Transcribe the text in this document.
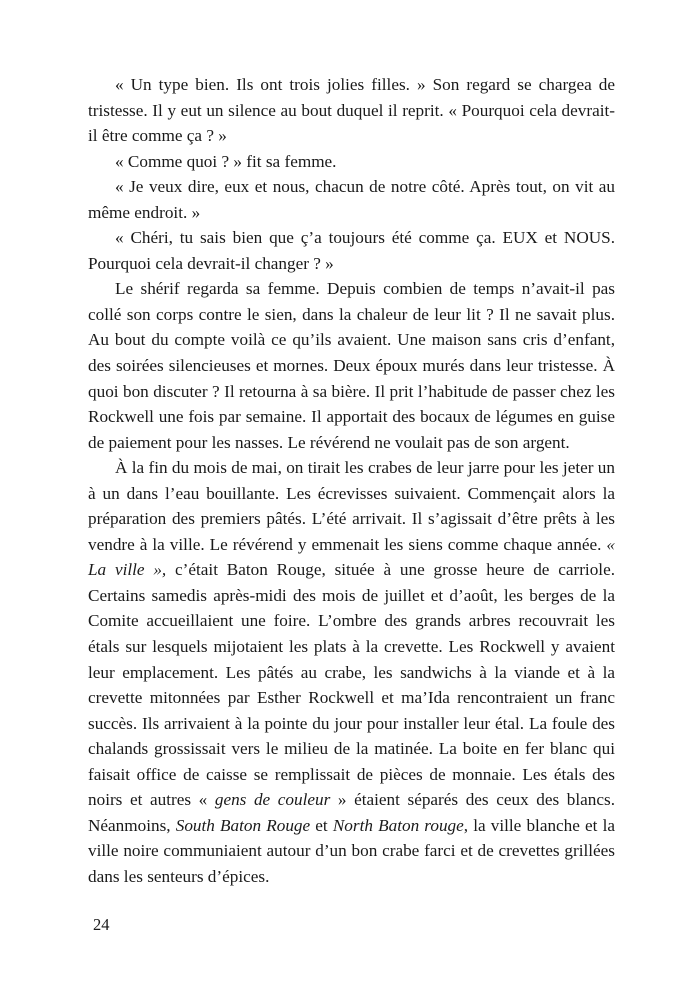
« Un type bien. Ils ont trois jolies filles. » Son regard se chargea de tristesse. Il y eut un silence au bout duquel il reprit. « Pourquoi cela devrait-il être comme ça ? »

« Comme quoi ? » fit sa femme.

« Je veux dire, eux et nous, chacun de notre côté. Après tout, on vit au même endroit. »

« Chéri, tu sais bien que ç’a toujours été comme ça. EUX et NOUS. Pourquoi cela devrait-il changer ? »

Le shérif regarda sa femme. Depuis combien de temps n’avait-il pas collé son corps contre le sien, dans la chaleur de leur lit ? Il ne savait plus. Au bout du compte voilà ce qu’ils avaient. Une maison sans cris d’enfant, des soirées silencieuses et mornes. Deux époux murés dans leur tristesse. À quoi bon discuter ? Il retourna à sa bière. Il prit l’habitude de passer chez les Rockwell une fois par semaine. Il apportait des bocaux de légumes en guise de paiement pour les nasses. Le révérend ne voulait pas de son argent.

À la fin du mois de mai, on tirait les crabes de leur jarre pour les jeter un à un dans l’eau bouillante. Les écrevisses suivaient. Commençait alors la préparation des premiers pâtés. L’été arrivait. Il s’agissait d’être prêts à les vendre à la ville. Le révérend y emmenait les siens comme chaque année. « La ville », c’était Baton Rouge, située à une grosse heure de carriole. Certains samedis après-midi des mois de juillet et d’août, les berges de la Comite accueillaient une foire. L’ombre des grands arbres recouvrait les étals sur lesquels mijotaient les plats à la crevette. Les Rockwell y avaient leur emplacement. Les pâtés au crabe, les sandwichs à la viande et à la crevette mitonnées par Esther Rockwell et ma’Ida rencontraient un franc succès. Ils arrivaient à la pointe du jour pour installer leur étal. La foule des chalands grossissait vers le milieu de la matinée. La boite en fer blanc qui faisait office de caisse se remplissait de pièces de monnaie. Les étals des noirs et autres « gens de couleur » étaient séparés des ceux des blancs. Néanmoins, South Baton Rouge et North Baton rouge, la ville blanche et la ville noire communiaient autour d’un bon crabe farci et de crevettes grillées dans les senteurs d’épices.

24
